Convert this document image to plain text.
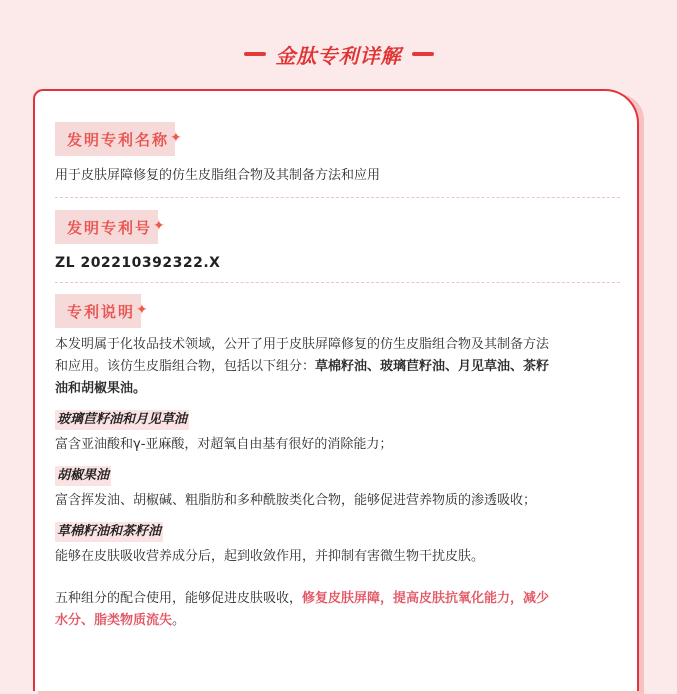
金肽专利详解
发明专利名称 ✦
用于皮肤屏障修复的仿生皮脂组合物及其制备方法和应用
发明专利号 ✦
ZL 202210392322.X
专利说明 ✦
本发明属于化妆品技术领域，公开了用于皮肤屏障修复的仿生皮脂组合物及其制备方法
和应用。该仿生皮脂组合物，包括以下组分：草棉籽油、玻璃苣籽油、月见草油、茶籽
油和胡椒果油。
玻璃苣籽油和月见草油
富含亚油酸和γ-亚麻酸，对超氧自由基有很好的消除能力；
胡椒果油
富含挥发油、胡椒碱、粗脂肪和多种酰胺类化合物，能够促进营养物质的渗透吸收；
草棉籽油和茶籽油
能够在皮肤吸收营养成分后，起到收敛作用，并抑制有害微生物干扰皮肤。
五种组分的配合使用，能够促进皮肤吸收，修复皮肤屏障，提高皮肤抗氧化能力，减少
水分、脂类物质流失。
